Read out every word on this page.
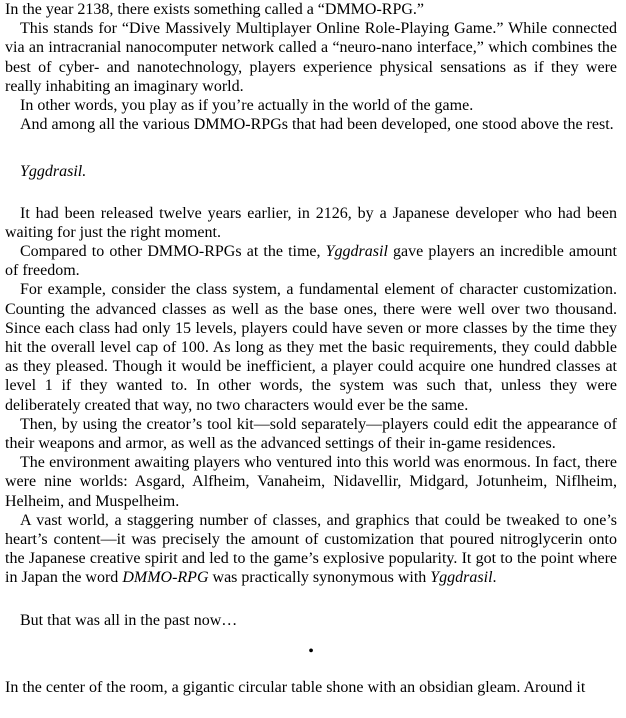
In the year 2138, there exists something called a “DMMO-RPG.”

This stands for “Dive Massively Multiplayer Online Role-Playing Game.” While connected via an intracranial nanocomputer network called a “neuro-nano interface,” which combines the best of cyber- and nanotechnology, players experience physical sensations as if they were really inhabiting an imaginary world.

In other words, you play as if you’re actually in the world of the game.

And among all the various DMMO-RPGs that had been developed, one stood above the rest.

Yggdrasil.

It had been released twelve years earlier, in 2126, by a Japanese developer who had been waiting for just the right moment.

Compared to other DMMO-RPGs at the time, Yggdrasil gave players an incredible amount of freedom.

For example, consider the class system, a fundamental element of character customization. Counting the advanced classes as well as the base ones, there were well over two thousand. Since each class had only 15 levels, players could have seven or more classes by the time they hit the overall level cap of 100. As long as they met the basic requirements, they could dabble as they pleased. Though it would be inefficient, a player could acquire one hundred classes at level 1 if they wanted to. In other words, the system was such that, unless they were deliberately created that way, no two characters would ever be the same.

Then, by using the creator’s tool kit—sold separately—players could edit the appearance of their weapons and armor, as well as the advanced settings of their in-game residences.

The environment awaiting players who ventured into this world was enormous. In fact, there were nine worlds: Asgard, Alfheim, Vanaheim, Nidavellir, Midgard, Jotunheim, Niflheim, Helheim, and Muspelheim.

A vast world, a staggering number of classes, and graphics that could be tweaked to one’s heart’s content—it was precisely the amount of customization that poured nitroglycerin onto the Japanese creative spirit and led to the game’s explosive popularity. It got to the point where in Japan the word DMMO-RPG was practically synonymous with Yggdrasil.

But that was all in the past now…

•

In the center of the room, a gigantic circular table shone with an obsidian gleam. Around it
